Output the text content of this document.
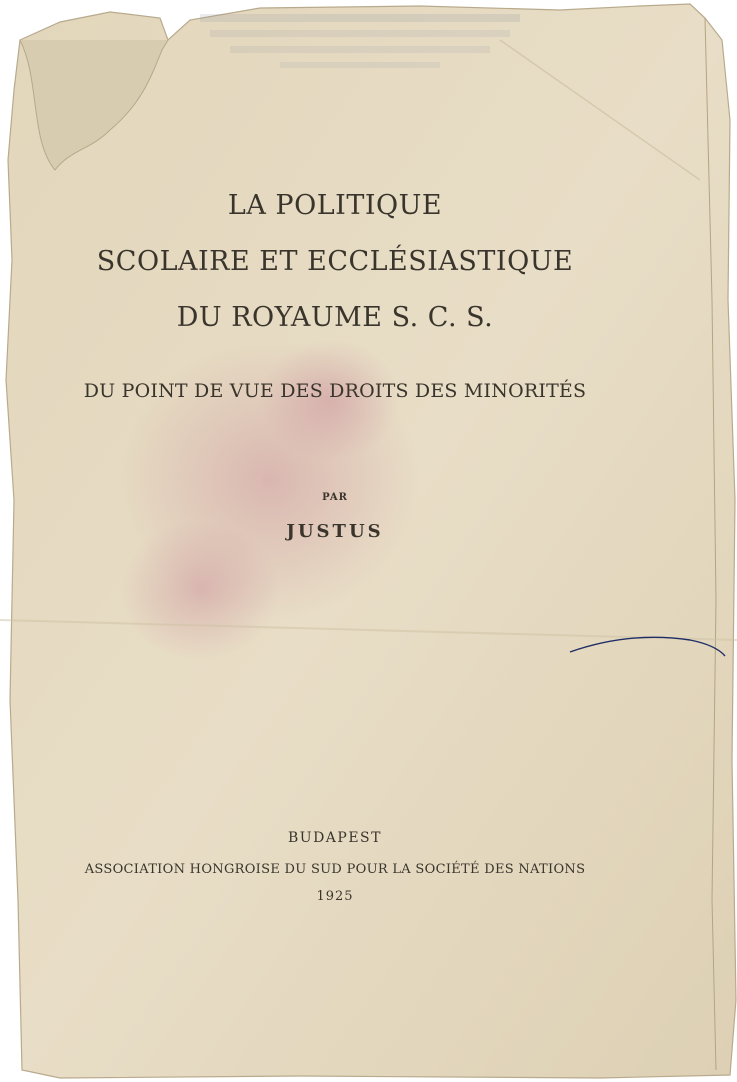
LA POLITIQUE
SCOLAIRE ET ECCLÉSIASTIQUE
DU ROYAUME S. C. S.
DU POINT DE VUE DES DROITS DES MINORITÉS
PAR
JUSTUS
BUDAPEST
ASSOCIATION HONGROISE DU SUD POUR LA SOCIÉTÉ DES NATIONS
1925
